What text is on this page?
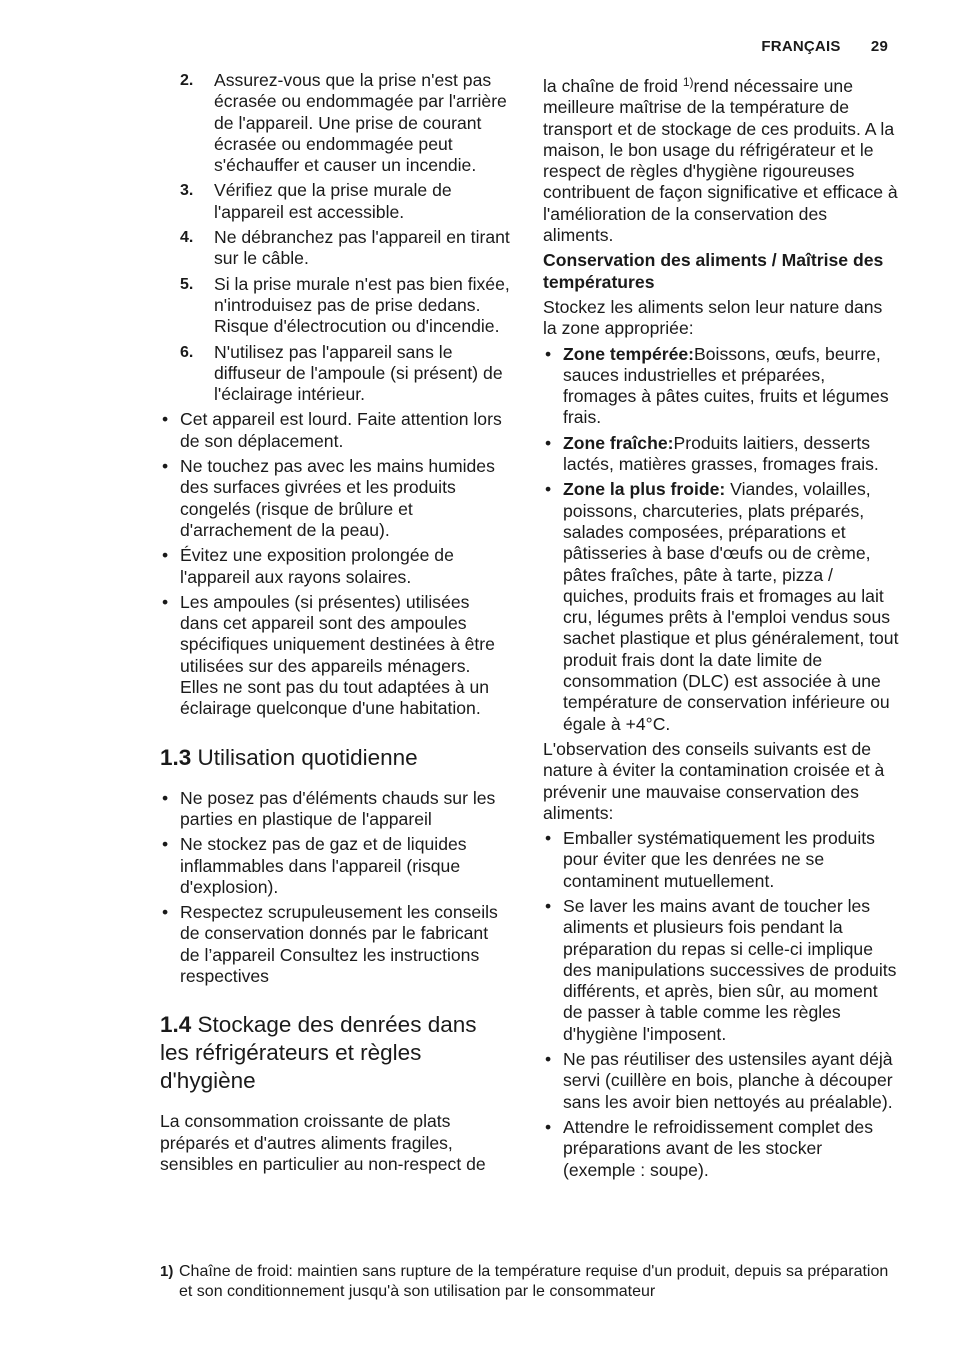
FRANÇAIS 29
2. Assurez-vous que la prise n'est pas écrasée ou endommagée par l'arrière de l'appareil. Une prise de courant écrasée ou endommagée peut s'échauffer et causer un incendie.
3. Vérifiez que la prise murale de l'appareil est accessible.
4. Ne débranchez pas l'appareil en tirant sur le câble.
5. Si la prise murale n'est pas bien fixée, n'introduisez pas de prise dedans. Risque d'électrocution ou d'incendie.
6. N'utilisez pas l'appareil sans le diffuseur de l'ampoule (si présent) de l'éclairage intérieur.
• Cet appareil est lourd. Faite attention lors de son déplacement.
• Ne touchez pas avec les mains humides des surfaces givrées et les produits congelés (risque de brûlure et d'arrachement de la peau).
• Évitez une exposition prolongée de l'appareil aux rayons solaires.
• Les ampoules (si présentes) utilisées dans cet appareil sont des ampoules spécifiques uniquement destinées à être utilisées sur des appareils ménagers. Elles ne sont pas du tout adaptées à un éclairage quelconque d'une habitation.
1.3 Utilisation quotidienne
• Ne posez pas d'éléments chauds sur les parties en plastique de l'appareil
• Ne stockez pas de gaz et de liquides inflammables dans l'appareil (risque d'explosion).
• Respectez scrupuleusement les conseils de conservation donnés par le fabricant de l’appareil Consultez les instructions respectives
1.4 Stockage des denrées dans les réfrigérateurs et règles d'hygiène
La consommation croissante de plats préparés et d'autres aliments fragiles, sensibles en particulier au non-respect de
la chaîne de froid $^{1)}$rend nécessaire une meilleure maîtrise de la température de transport et de stockage de ces produits. A la maison, le bon usage du réfrigérateur et le respect de règles d'hygiène rigoureuses contribuent de façon significative et efficace à l'amélioration de la conservation des aliments.
Conservation des aliments / Maîtrise des températures
Stockez les aliments selon leur nature dans la zone appropriée:
• Zone tempérée:Boissons, œufs, beurre, sauces industrielles et préparées, fromages à pâtes cuites, fruits et légumes frais.
• Zone fraîche:Produits laitiers, desserts lactés, matières grasses, fromages frais.
• Zone la plus froide: Viandes, volailles, poissons, charcuteries, plats préparés, salades composées, préparations et pâtisseries à base d'œufs ou de crème, pâtes fraîches, pâte à tarte, pizza / quiches, produits frais et fromages au lait cru, légumes prêts à l'emploi vendus sous sachet plastique et plus généralement, tout produit frais dont la date limite de consommation (DLC) est associée à une température de conservation inférieure ou égale à +4°C.
L'observation des conseils suivants est de nature à éviter la contamination croisée et à prévenir une mauvaise conservation des aliments:
• Emballer systématiquement les produits pour éviter que les denrées ne se contaminent mutuellement.
• Se laver les mains avant de toucher les aliments et plusieurs fois pendant la préparation du repas si celle-ci implique des manipulations successives de produits différents, et après, bien sûr, au moment de passer à table comme les règles d'hygiène l'imposent.
• Ne pas réutiliser des ustensiles ayant déjà servi (cuillère en bois, planche à découper sans les avoir bien nettoyés au préalable).
• Attendre le refroidissement complet des préparations avant de les stocker (exemple : soupe).
1) Chaîne de froid: maintien sans rupture de la température requise d'un produit, depuis sa préparation et son conditionnement jusqu'à son utilisation par le consommateur
